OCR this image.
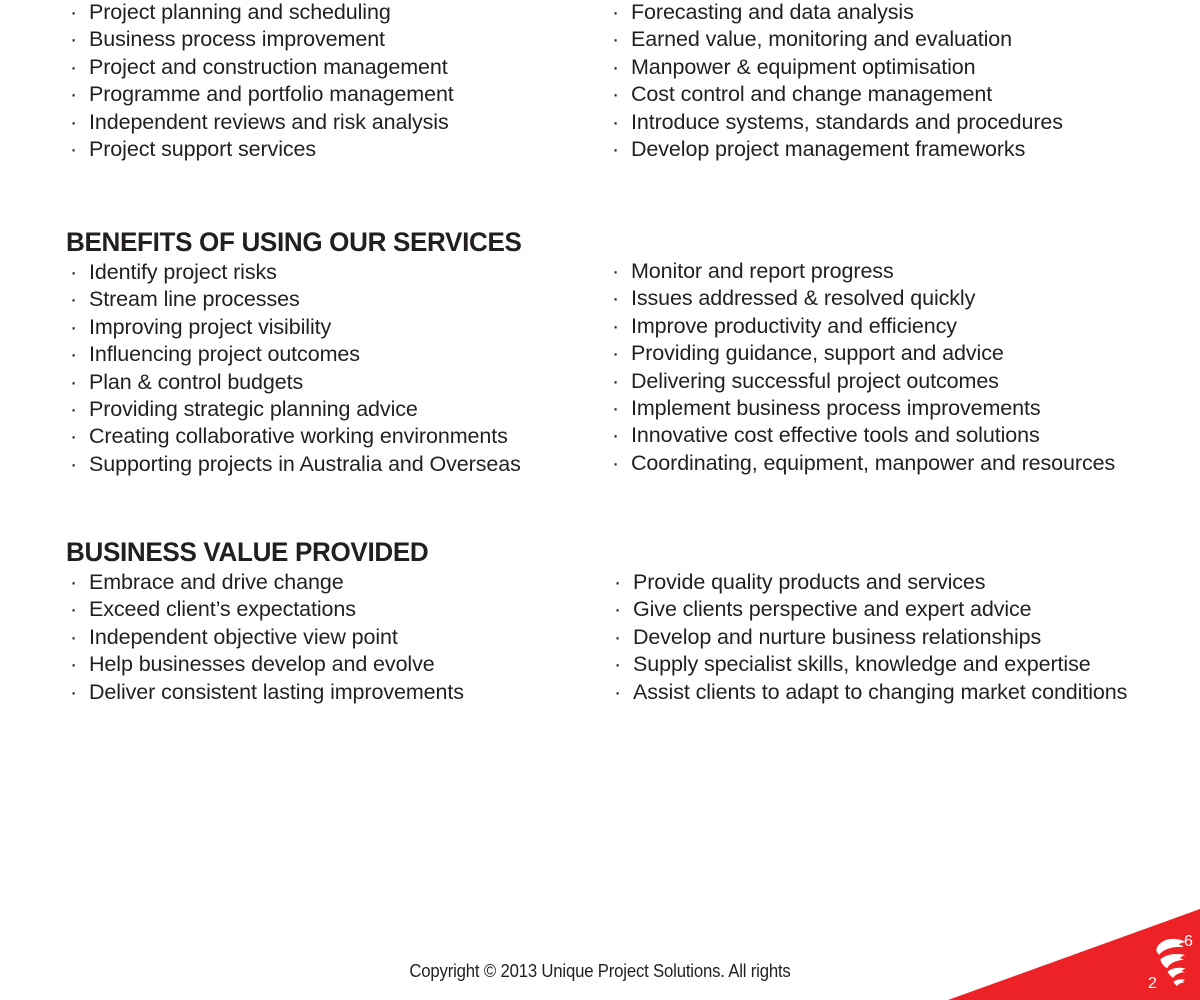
· Project planning and scheduling
· Business process improvement
· Project and construction management
· Programme and portfolio management
· Independent reviews and risk analysis
· Project support services
· Forecasting and data analysis
· Earned value, monitoring and evaluation
· Manpower & equipment optimisation
· Cost control and change management
· Introduce systems, standards and procedures
· Develop project management frameworks
BENEFITS OF USING OUR SERVICES
· Identify project risks
· Stream line processes
· Improving project visibility
· Influencing project outcomes
· Plan & control budgets
· Providing strategic planning advice
· Creating collaborative working environments
· Supporting projects in Australia and Overseas
· Monitor and report progress
· Issues addressed & resolved quickly
· Improve productivity and efficiency
· Providing guidance, support and advice
· Delivering successful project outcomes
· Implement business process improvements
· Innovative cost effective tools and solutions
· Coordinating, equipment, manpower and resources
BUSINESS VALUE PROVIDED
· Embrace and drive change
· Exceed client’s expectations
· Independent objective view point
· Help businesses develop and evolve
· Deliver consistent lasting improvements
· Provide quality products and services
· Give clients perspective and expert advice
· Develop and nurture business relationships
· Supply specialist skills, knowledge and expertise
· Assist clients to adapt to changing market conditions
Copyright © 2013 Unique Project Solutions. All rights
6
2
